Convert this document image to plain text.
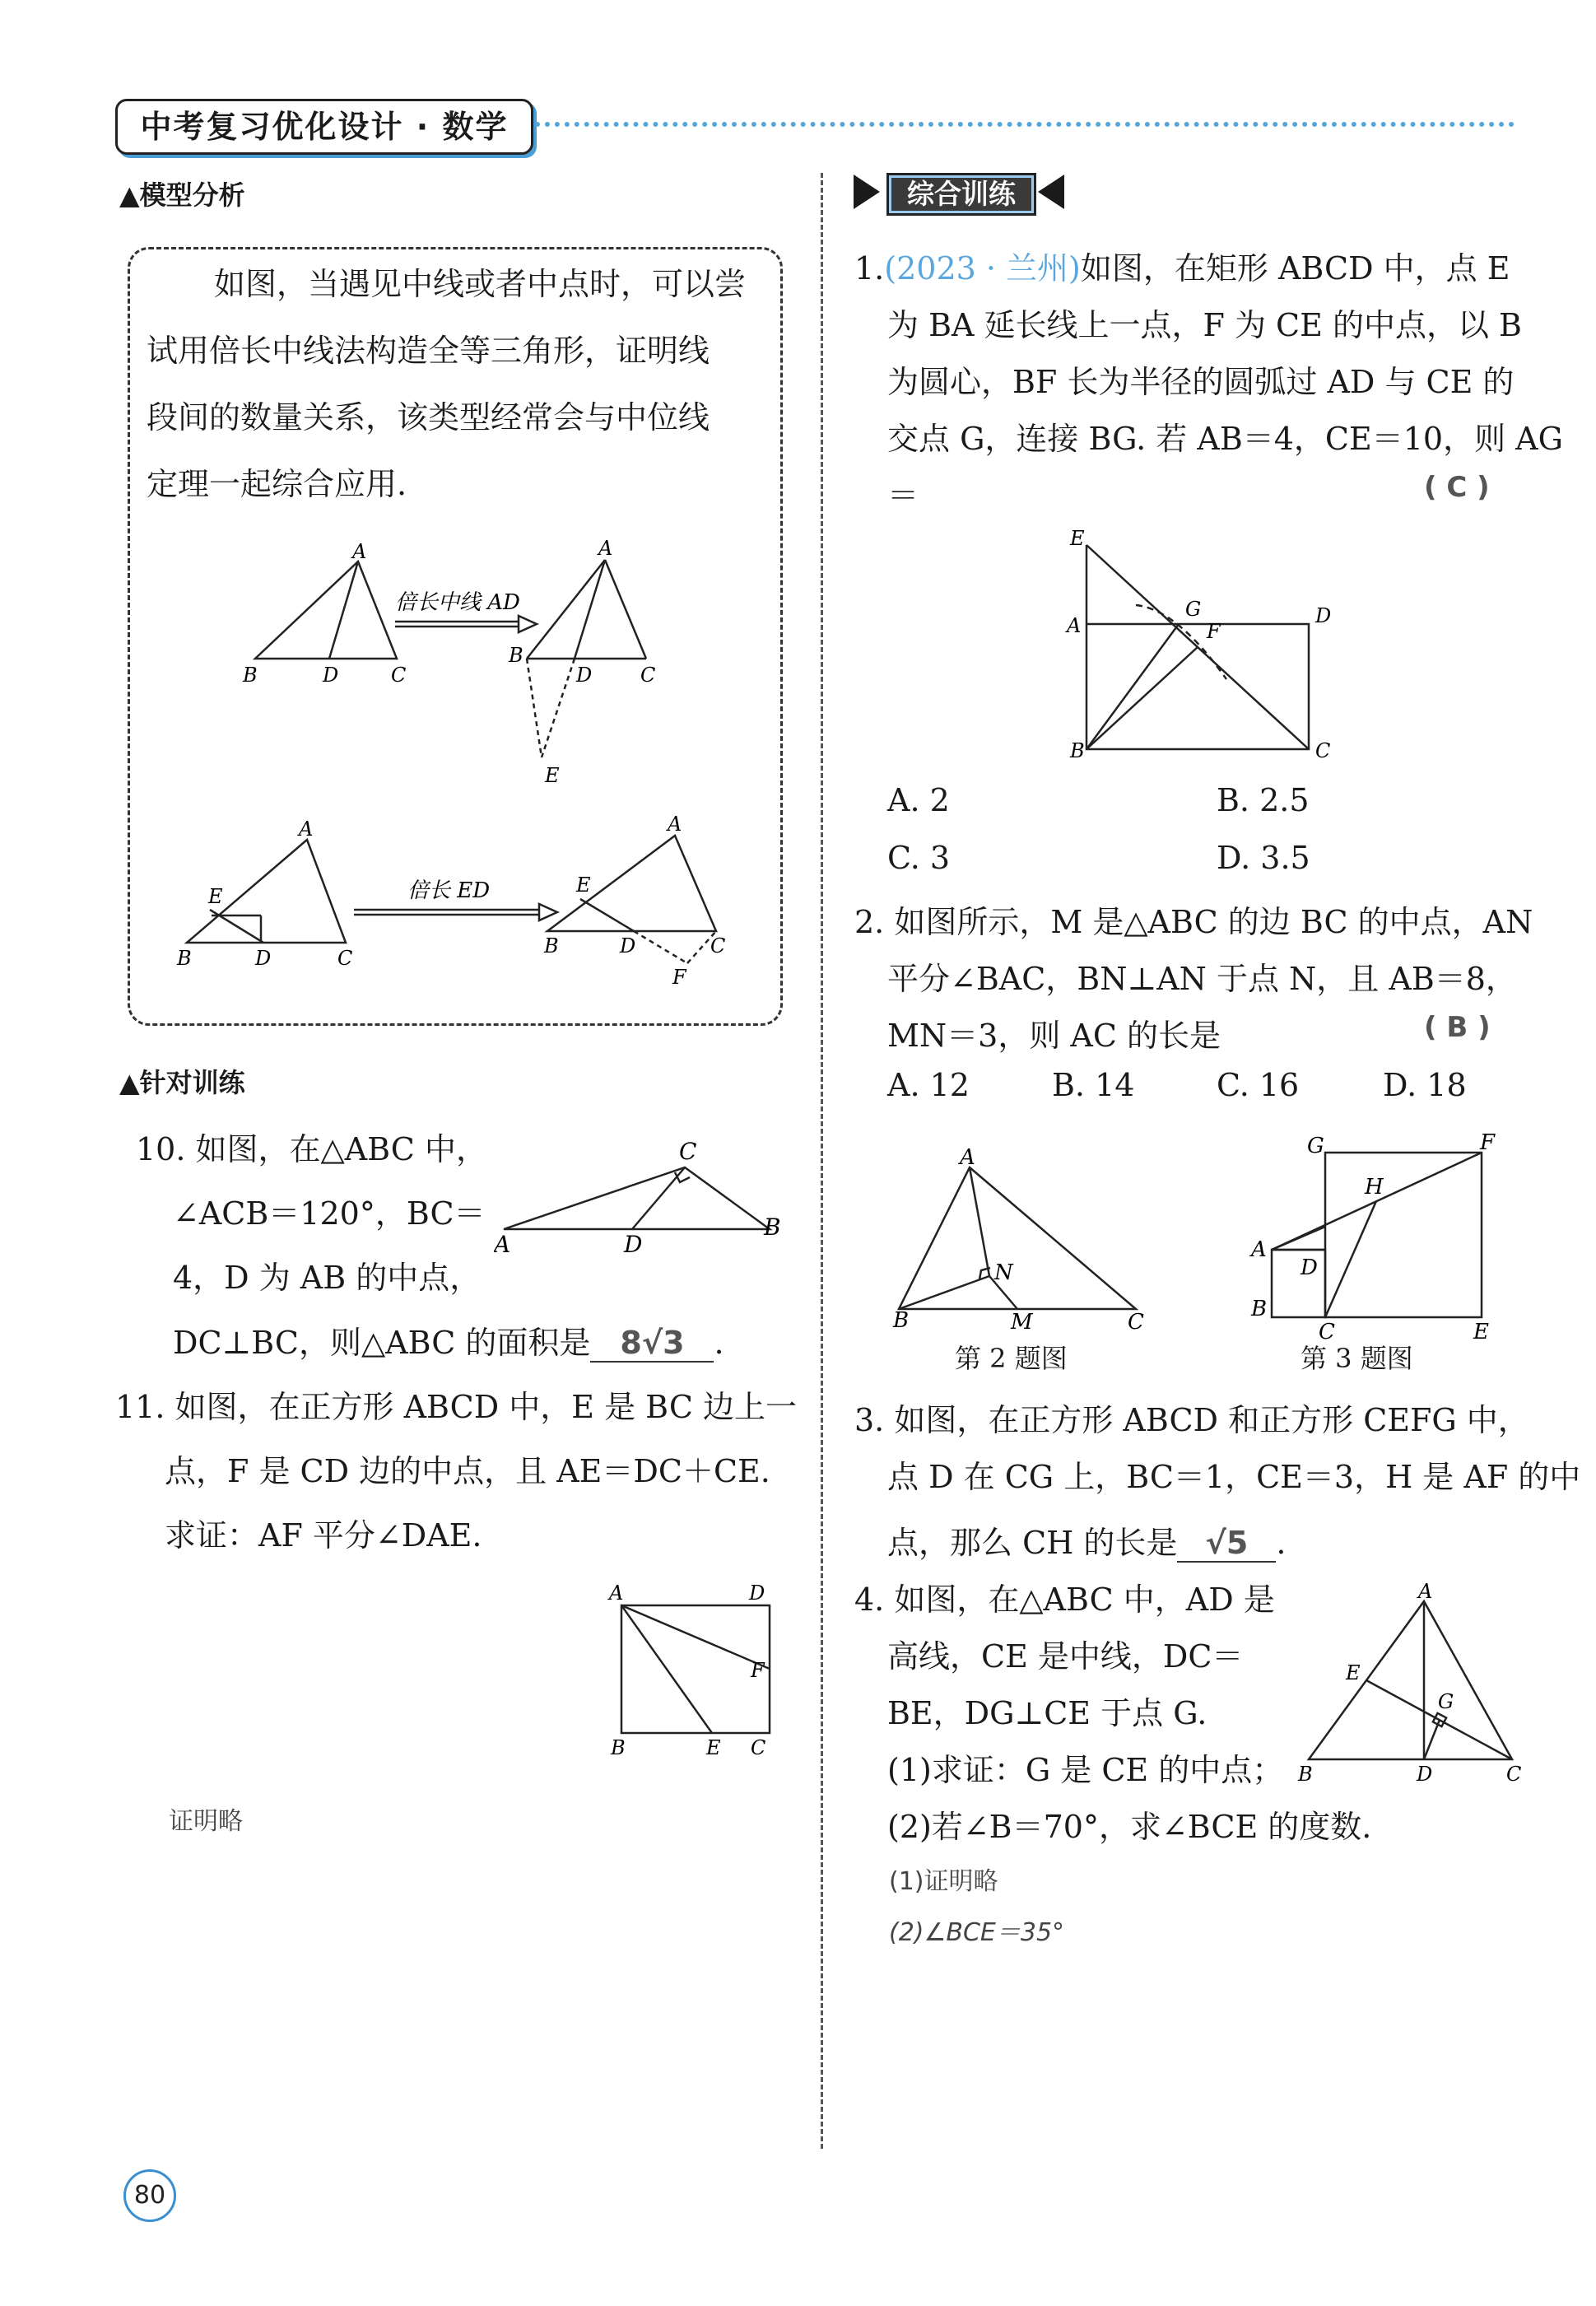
中考复习优化设计 · 数学
▲模型分析
如图，当遇见中线或者中点时，可以尝
试用倍长中线法构造全等三角形，证明线
段间的数量关系，该类型经常会与中位线
定理一起综合应用.
倍长中线 AD
A
B	D	C
A
B
D C
E
倍长 ED
A
E
B	D	C
A
E
B	D	C
F
▲针对训练
10. 如图，在△ABC 中，
∠ACB＝120°，BC＝
4，D 为 AB 的中点，
DC⊥BC，则△ABC 的面积是 8√3 .
C
A	D
B
11. 如图，在正方形 ABCD 中，E 是 BC 边上一
点，F 是 CD 边的中点，且 AE＝DC＋CE.
求证：AF 平分∠DAE.
A	D
F
B	E C
证明略
综合训练
1.(2023 · 兰州)如图，在矩形 ABCD 中，点 E
为 BA 延长线上一点，F 为 CE 的中点，以 B
为圆心，BF 长为半径的圆弧过 AD 与 CE 的
交点 G，连接 BG. 若 AB＝4，CE＝10，则 AG
＝	( C )
E
A
G
F
D
B	C
A. 2	B. 2.5
C. 3	D. 3.5
2. 如图所示，M 是△ABC 的边 BC 的中点，AN
平分∠BAC，BN⊥AN 于点 N，且 AB＝8，
MN＝3，则 AC 的长是	( B )
A. 12	B. 14	C. 16	D. 18
A
N
B	M	C
第 2 题图
G	F
H
A
D
B
C	E
第 3 题图
3. 如图，在正方形 ABCD 和正方形 CEFG 中，
点 D 在 CG 上，BC＝1，CE＝3，H 是 AF 的中
点，那么 CH 的长是 √5 .
4. 如图，在△ABC 中，AD 是
高线，CE 是中线，DC＝
BE，DG⊥CE 于点 G.
(1)求证：G 是 CE 的中点；
(2)若∠B＝70°，求∠BCE 的度数.
A
E
G
B	D	C
(1)证明略
(2)∠BCE＝35°
80
